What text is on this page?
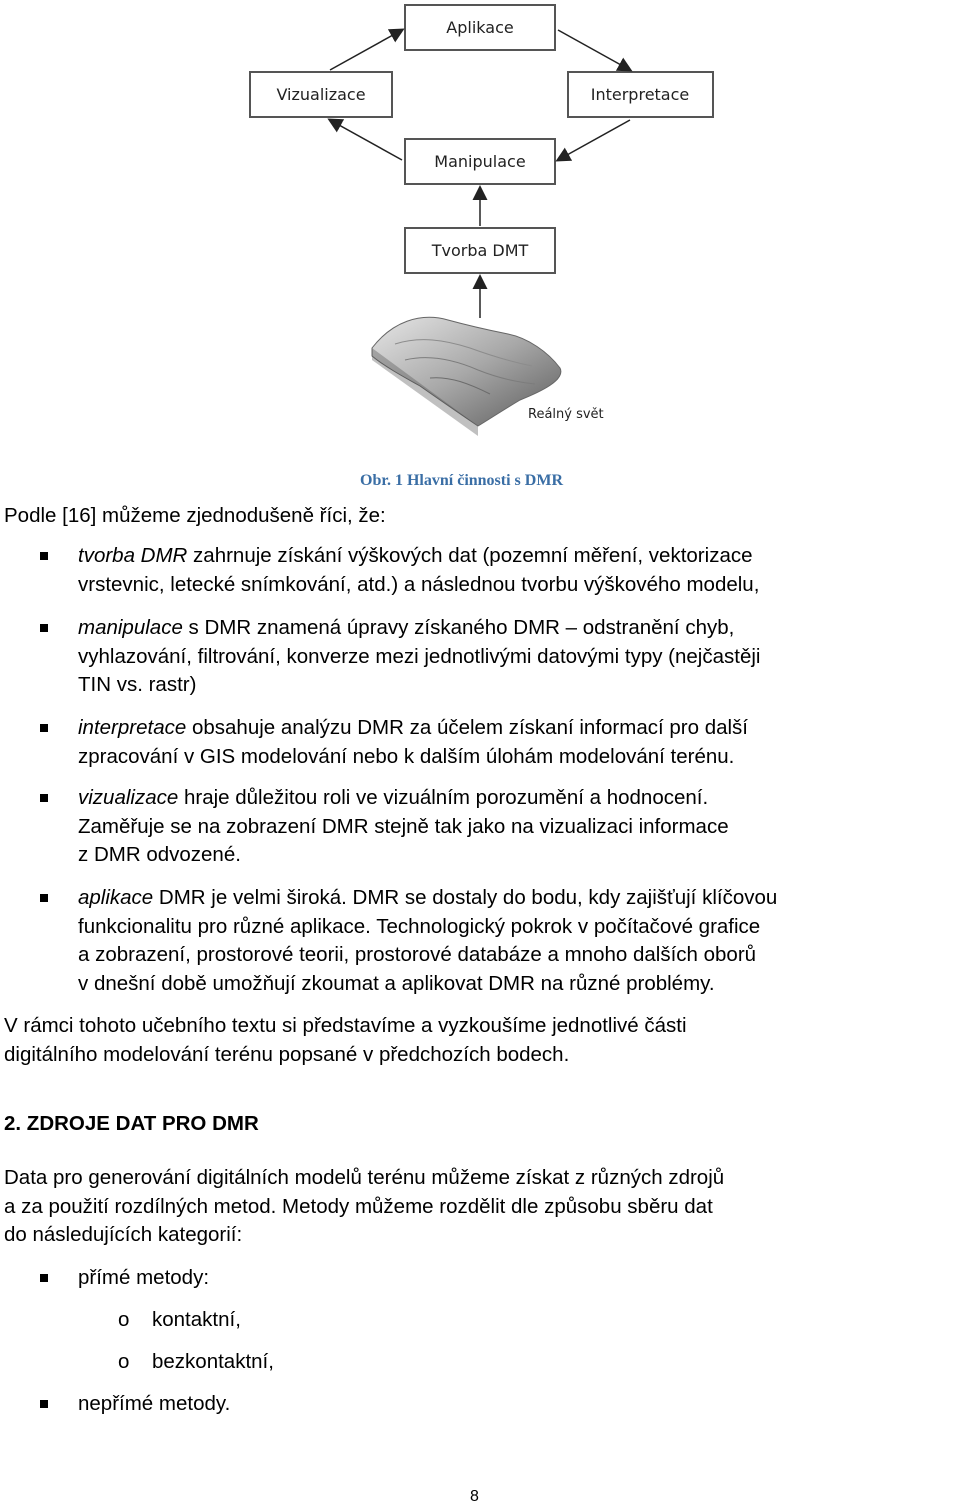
Aplikace
Vizualizace	Interpretace
Manipulace
Tvorba DMT
Reálný svět
Obr. 1 Hlavní činnosti s DMR
Podle [16] můžeme zjednodušeně říci, že:
tvorba DMR zahrnuje získání výškových dat (pozemní měření, vektorizace
vrstevnic, letecké snímkování, atd.) a následnou tvorbu výškového modelu,
manipulace s DMR znamená úpravy získaného DMR – odstranění chyb,
vyhlazování, filtrování, konverze mezi jednotlivými datovými typy (nejčastěji
TIN vs. rastr)
interpretace obsahuje analýzu DMR za účelem získaní informací pro další
zpracování v GIS modelování nebo k dalším úlohám modelování terénu.
vizualizace hraje důležitou roli ve vizuálním porozumění a hodnocení.
Zaměřuje se na zobrazení DMR stejně tak jako na vizualizaci informace
z DMR odvozené.
aplikace DMR je velmi široká. DMR se dostaly do bodu, kdy zajišťují klíčovou
funkcionalitu pro různé aplikace. Technologický pokrok v počítačové grafice
a zobrazení, prostorové teorii, prostorové databáze a mnoho dalších oborů
v dnešní době umožňují zkoumat a aplikovat DMR na různé problémy.
V rámci tohoto učebního textu si představíme a vyzkoušíme jednotlivé části
digitálního modelování terénu popsané v předchozích bodech.
2. ZDROJE DAT PRO DMR
Data pro generování digitálních modelů terénu můžeme získat z různých zdrojů
a za použití rozdílných metod. Metody můžeme rozdělit dle způsobu sběru dat
do následujících kategorií:
přímé metody:
o kontaktní,
o bezkontaktní,
nepřímé metody.
8
